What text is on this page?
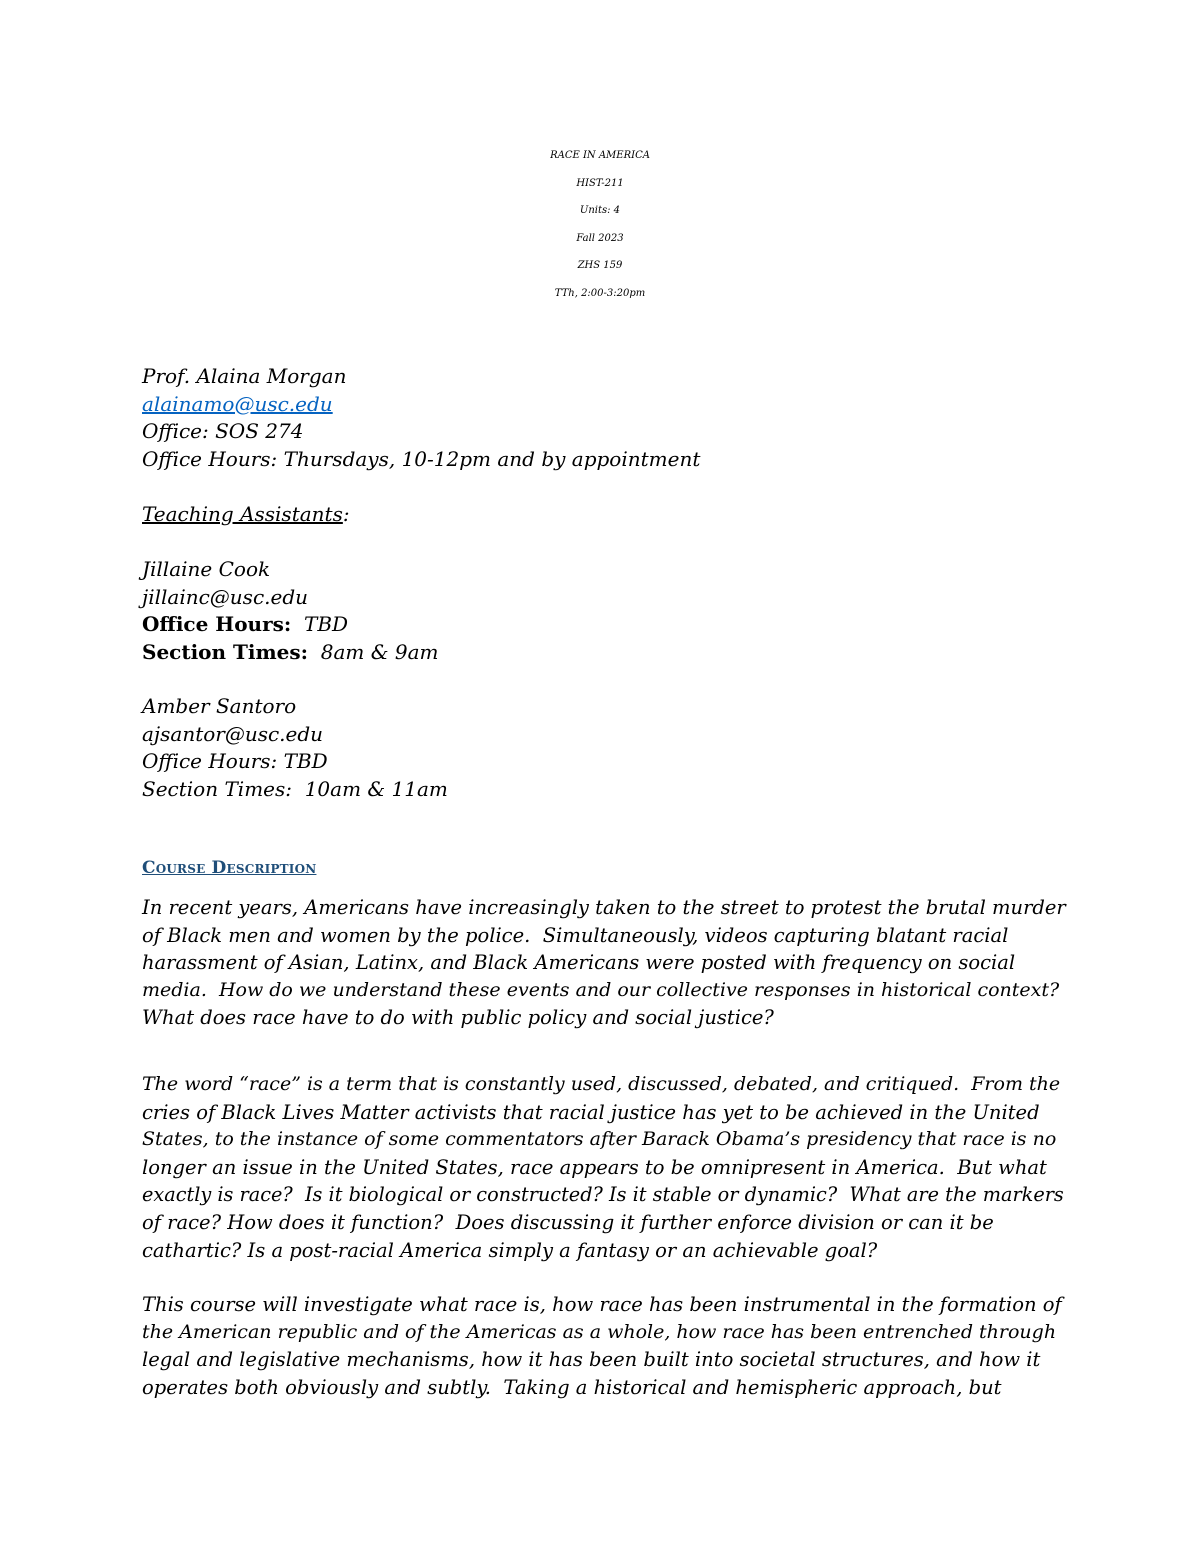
RACE IN AMERICA
HIST-211
Units: 4
Fall 2023
ZHS 159
TTh, 2:00-3:20pm
Prof. Alaina Morgan
alainamo@usc.edu
Office: SOS 274
Office Hours: Thursdays, 10-12pm and by appointment
Teaching Assistants:
Jillaine Cook
jillainc@usc.edu
Office Hours: TBD
Section Times: 8am & 9am
Amber Santoro
ajsantor@usc.edu
Office Hours: TBD
Section Times:  10am & 11am
Course Description
In recent years, Americans have increasingly taken to the street to protest the brutal murder
of Black men and women by the police.  Simultaneously, videos capturing blatant racial
harassment of Asian, Latinx, and Black Americans were posted with frequency on social
media.  How do we understand these events and our collective responses in historical context?
What does race have to do with public policy and social justice?
The word “race” is a term that is constantly used, discussed, debated, and critiqued.  From the
cries of Black Lives Matter activists that racial justice has yet to be achieved in the United
States, to the instance of some commentators after Barack Obama’s presidency that race is no
longer an issue in the United States, race appears to be omnipresent in America.  But what
exactly is race?  Is it biological or constructed? Is it stable or dynamic?  What are the markers
of race? How does it function?  Does discussing it further enforce division or can it be
cathartic? Is a post-racial America simply a fantasy or an achievable goal?
This course will investigate what race is, how race has been instrumental in the formation of
the American republic and of the Americas as a whole, how race has been entrenched through
legal and legislative mechanisms, how it has been built into societal structures, and how it
operates both obviously and subtly.  Taking a historical and hemispheric approach, but
